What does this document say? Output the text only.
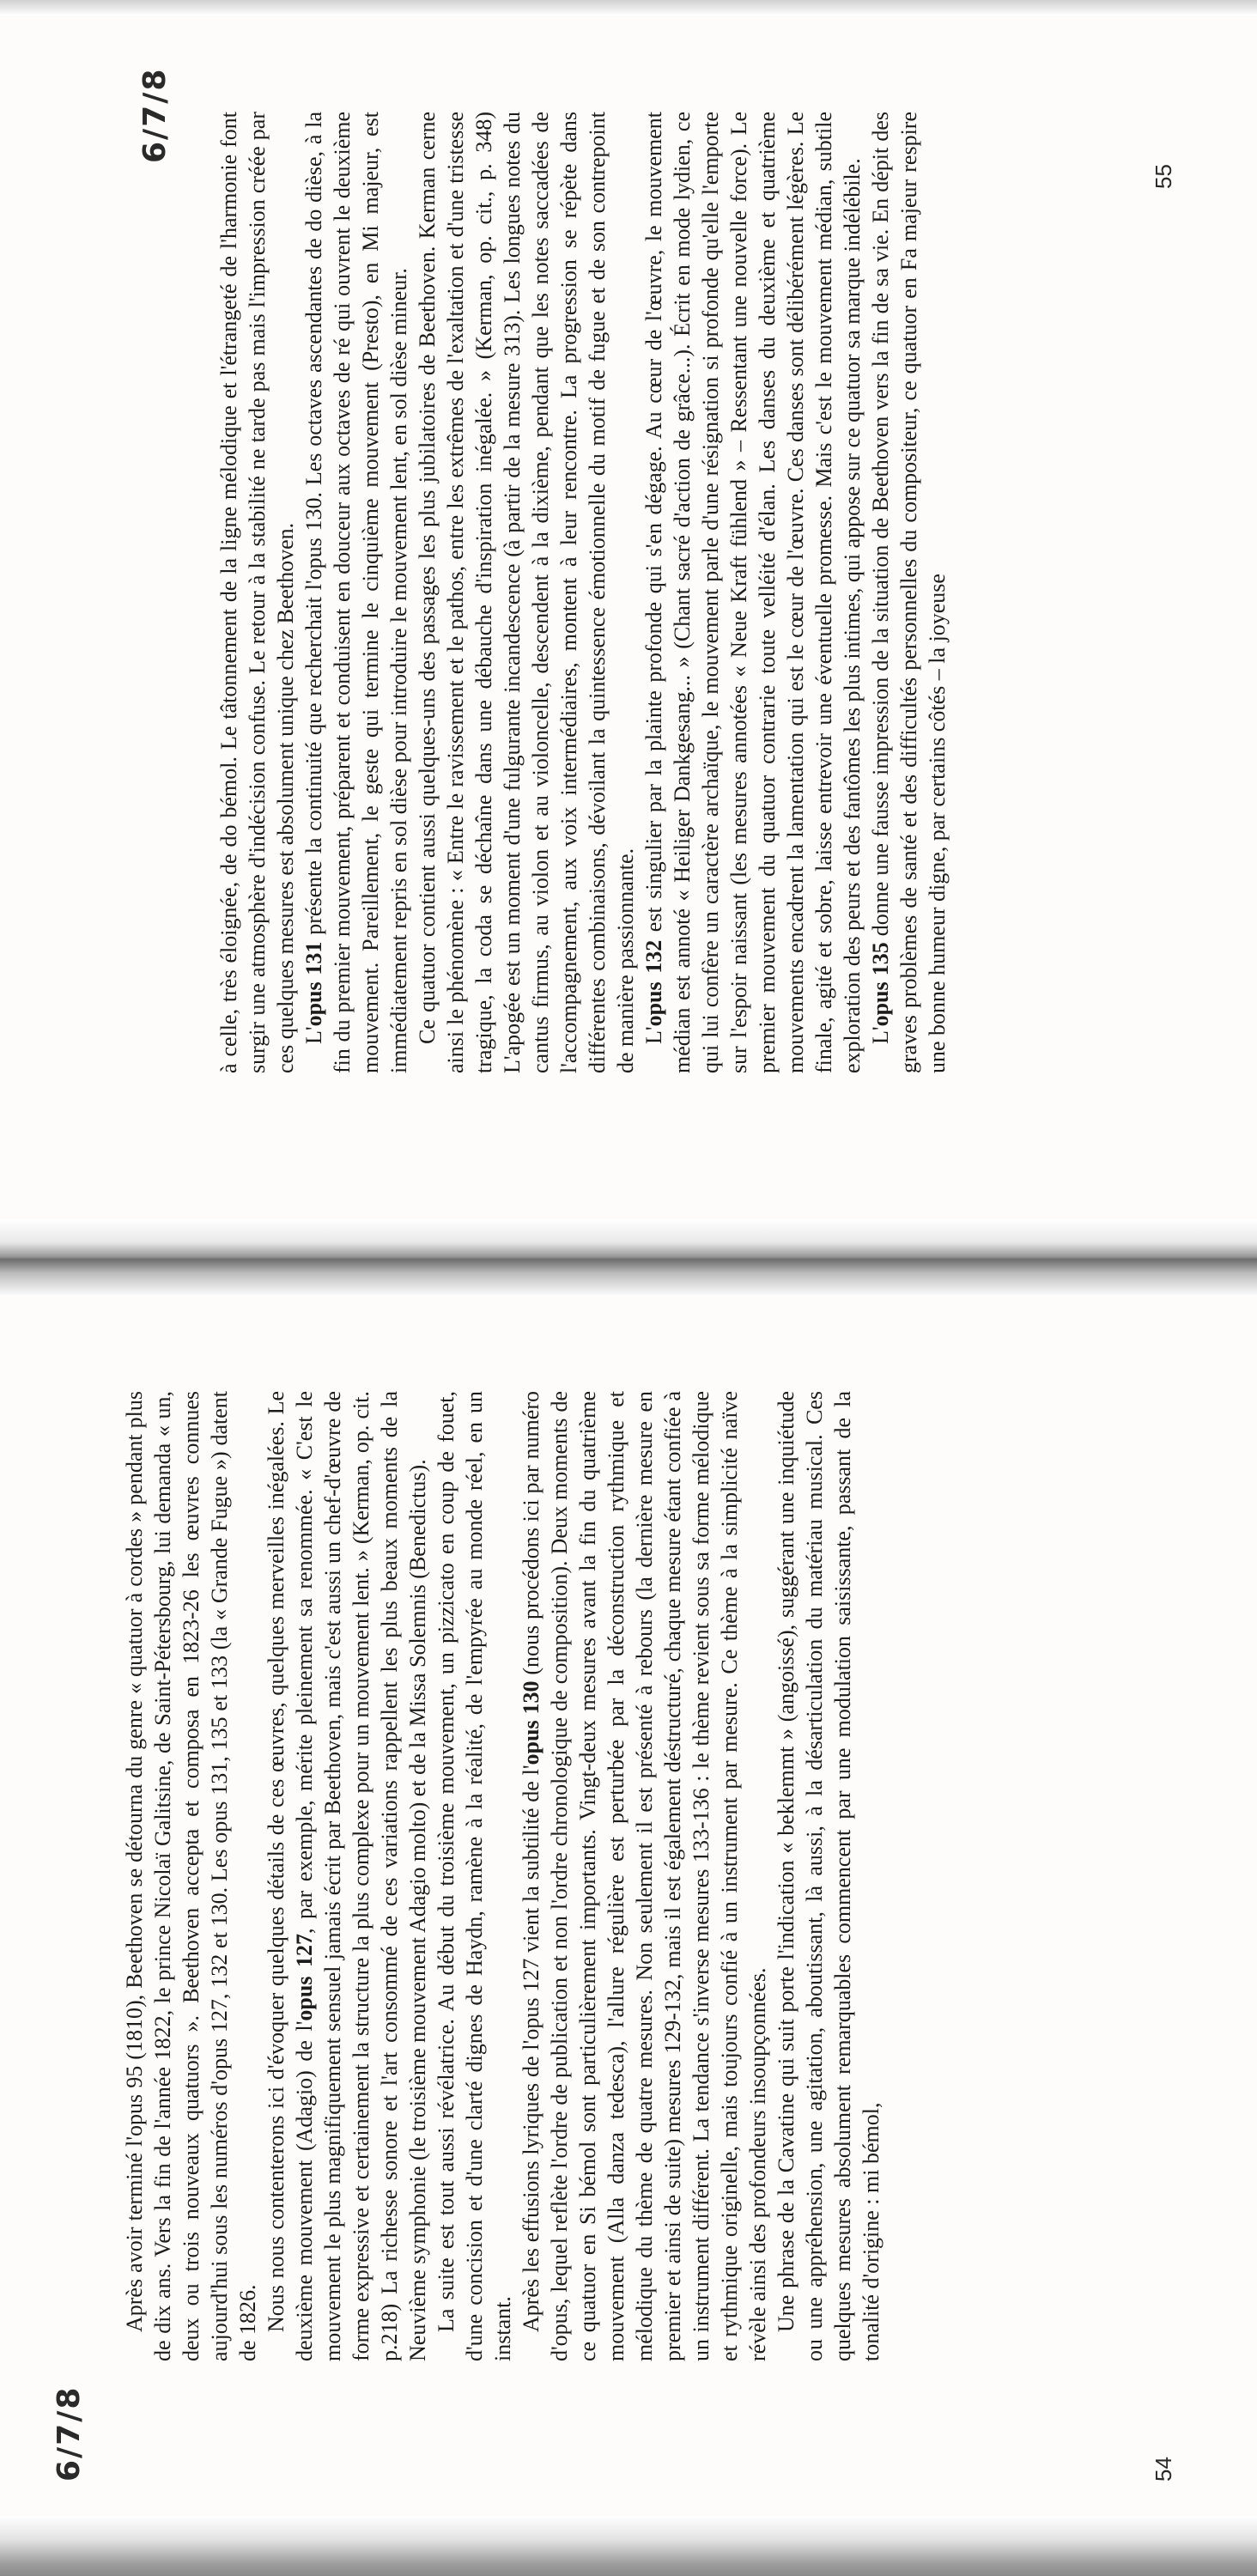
6/7/8 à celle, très éloignée, de do bémol. Le tâtonnement de la ligne mélodique et l'étrangeté de l'harmonie font surgir une atmosphère d'indécision confuse. Le retour à la stabilité ne tarde pas mais l'impression créée par ces quelques mesures est absolument unique chez Beethoven. L'opus 131 présente la continuité que recherchait l'opus 130. Les octaves ascendantes de do dièse, à la fin du premier mouvement, préparent et conduisent en douceur aux octaves de ré qui ouvrent le deuxième mouvement. Pareillement, le geste qui termine le cinquième mouvement (Presto), en Mi majeur, est immédiatement repris en sol dièse pour introduire le mouvement lent, en sol dièse mineur. Ce quatuor contient aussi quelques-uns des passages les plus jubilatoires de Beethoven. Kerman cerne ainsi le phénomène : « Entre le ravissement et le pathos, entre les extrêmes de l'exaltation et d'une tristesse tragique, la coda se déchaîne dans une débauche d'inspiration inégalée. » (Kerman, op. cit., p. 348) L'apogée est un moment d'une fulgurante incandescence (à partir de la mesure 313). Les longues notes du cantus firmus, au violon et au violoncelle, descendent à la dixième, pendant que les notes saccadées de l'accompagnement, aux voix intermédiaires, montent à leur rencontre. La progression se répète dans différentes combinaisons, dévoilant la quintessence émotionnelle du motif de fugue et de son contrepoint de manière passionnante. L'opus 132 est singulier par la plainte profonde qui s'en dégage. Au cœur de l'œuvre, le mouvement médian est annoté « Heiliger Dankgesang... » (Chant sacré d'action de grâce...). Écrit en mode lydien, ce qui lui confère un caractère archaïque, le mouvement parle d'une résignation si profonde qu'elle l'emporte sur l'espoir naissant (les mesures annotées « Neue Kraft fühlend » – Ressentant une nouvelle force). Le premier mouvement du quatuor contrarie toute velléité d'élan. Les danses du deuxième et quatrième mouvements encadrent la lamentation qui est le cœur de l'œuvre. Ces danses sont délibérément légères. Le finale, agité et sobre, laisse entrevoir une éventuelle promesse. Mais c'est le mouvement médian, subtile exploration des peurs et des fantômes les plus intimes, qui appose sur ce quatuor sa marque indélébile. L'opus 135 donne une fausse impression de la situation de Beethoven vers la fin de sa vie. En dépit des graves problèmes de santé et des difficultés personnelles du compositeur, ce quatuor en Fa majeur respire une bonne humeur digne, par certains côtés – la joyeuse

55
6/7/8

Après avoir terminé l'opus 95 (1810), Beethoven se détourna du genre « quatuor à cordes » pendant plus de dix ans. Vers la fin de l'année 1822, le prince Nicolaï Galitsine, de Saint-Pétersbourg, lui demanda « un, deux ou trois nouveaux quatuors ». Beethoven accepta et composa en 1823-26 les œuvres connues aujourd'hui sous les numéros d'opus 127, 132 et 130. Les opus 131, 135 et 133 (la « Grande Fugue ») datent de 1826. Nous nous contenterons ici d'évoquer quelques détails de ces œuvres, quelques merveilles inégalées. Le deuxième mouvement (Adagio) de l'opus 127, par exemple, mérite pleinement sa renommée. « C'est le mouvement le plus magnifiquement sensuel jamais écrit par Beethoven, mais c'est aussi un chef-d'œuvre de forme expressive et certainement la structure la plus complexe pour un mouvement lent. » (Kerman, op. cit. p.218) La richesse sonore et l'art consommé de ces variations rappellent les plus beaux moments de la Neuvième symphonie (le troisième mouvement Adagio molto) et de la Missa Solemnis (Benedictus). La suite est tout aussi révélatrice. Au début du troisième mouvement, un pizzicato en coup de fouet, d'une concision et d'une clarté dignes de Haydn, ramène à la réalité, de l'empyrée au monde réel, en un instant. Après les effusions lyriques de l'opus 127 vient la subtilité de l'opus 130 (nous procédons ici par numéro d'opus, lequel reflète l'ordre de publication et non l'ordre chronologique de composition). Deux moments de ce quatuor en Si bémol sont particulièrement importants. Vingt-deux mesures avant la fin du quatrième mouvement (Alla danza tedesca), l'allure régulière est perturbée par la déconstruction rythmique et mélodique du thème de quatre mesures. Non seulement il est présenté à rebours (la dernière mesure en premier et ainsi de suite) mesures 129-132, mais il est également déstructuré, chaque mesure étant confiée à un instrument différent. La tendance s'inverse mesures 133-136 : le thème revient sous sa forme mélodique et rythmique originelle, mais toujours confié à un instrument par mesure. Ce thème à la simplicité naïve révèle ainsi des profondeurs insoupçonnées. Une phrase de la Cavatine qui suit porte l'indication « beklemmt » (angoissé), suggérant une inquiétude ou une appréhension, une agitation, aboutissant, là aussi, à la désarticulation du matériau musical. Ces quelques mesures absolument remarquables commencent par une modulation saisissante, passant de la tonalité d'origine : mi bémol,

54
